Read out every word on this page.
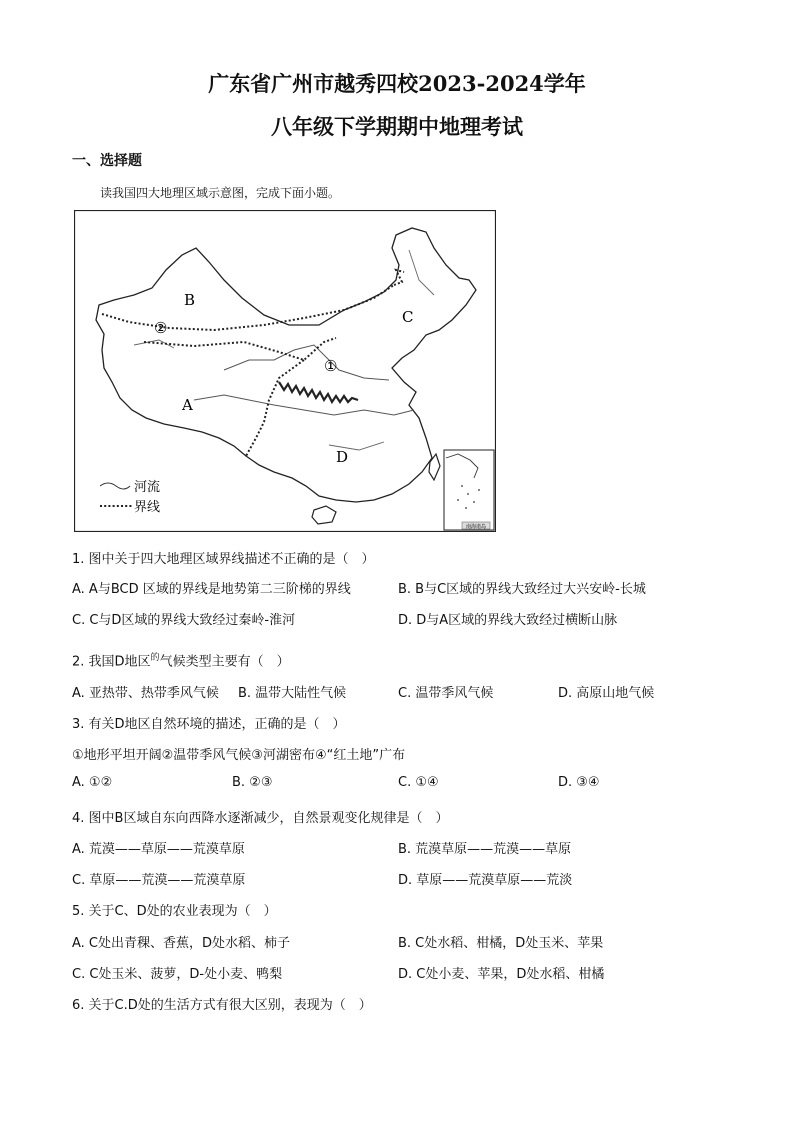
广东省广州市越秀四校2023-2024学年
八年级下学期期中地理考试
一、选择题
读我国四大地理区域示意图，完成下面小题。
南海诸岛
B
C
A
D
②
①
河流
界线
1. 图中关于四大地理区域界线描述不正确的是（　）
A. A与BCD 区域的界线是地势第二三阶梯的界线	B. B与C区域的界线大致经过大兴安岭-长城
C. C与D区域的界线大致经过秦岭-淮河	D. D与A区域的界线大致经过横断山脉
2. 我国D地区$^的$气候类型主要有（　）
A. 亚热带、热带季风气候 B. 温带大陆性气候	C. 温带季风气候	D. 高原山地气候
3. 有关D地区自然环境的描述，正确的是（　）
①地形平坦开阔②温带季风气候③河湖密布④“红土地”广布
A. ①②	B. ②③	C. ①④	D. ③④
4. 图中B区域自东向西降水逐渐减少，自然景观变化规律是（　）
A. 荒漠——草原——荒漠草原	B. 荒漠草原——荒漠——草原
C. 草原——荒漠——荒漠草原	D. 草原——荒漠草原——荒淡
5. 关于C、D处的农业表现为（　）
A. C处出青稞、香蕉，D处水稻、柿子	B. C处水稻、柑橘，D处玉米、苹果
C. C处玉米、菠萝，D-处小麦、鸭梨	D. C处小麦、苹果，D处水稻、柑橘
6. 关于C.D处的生活方式有很大区别，表现为（　）
